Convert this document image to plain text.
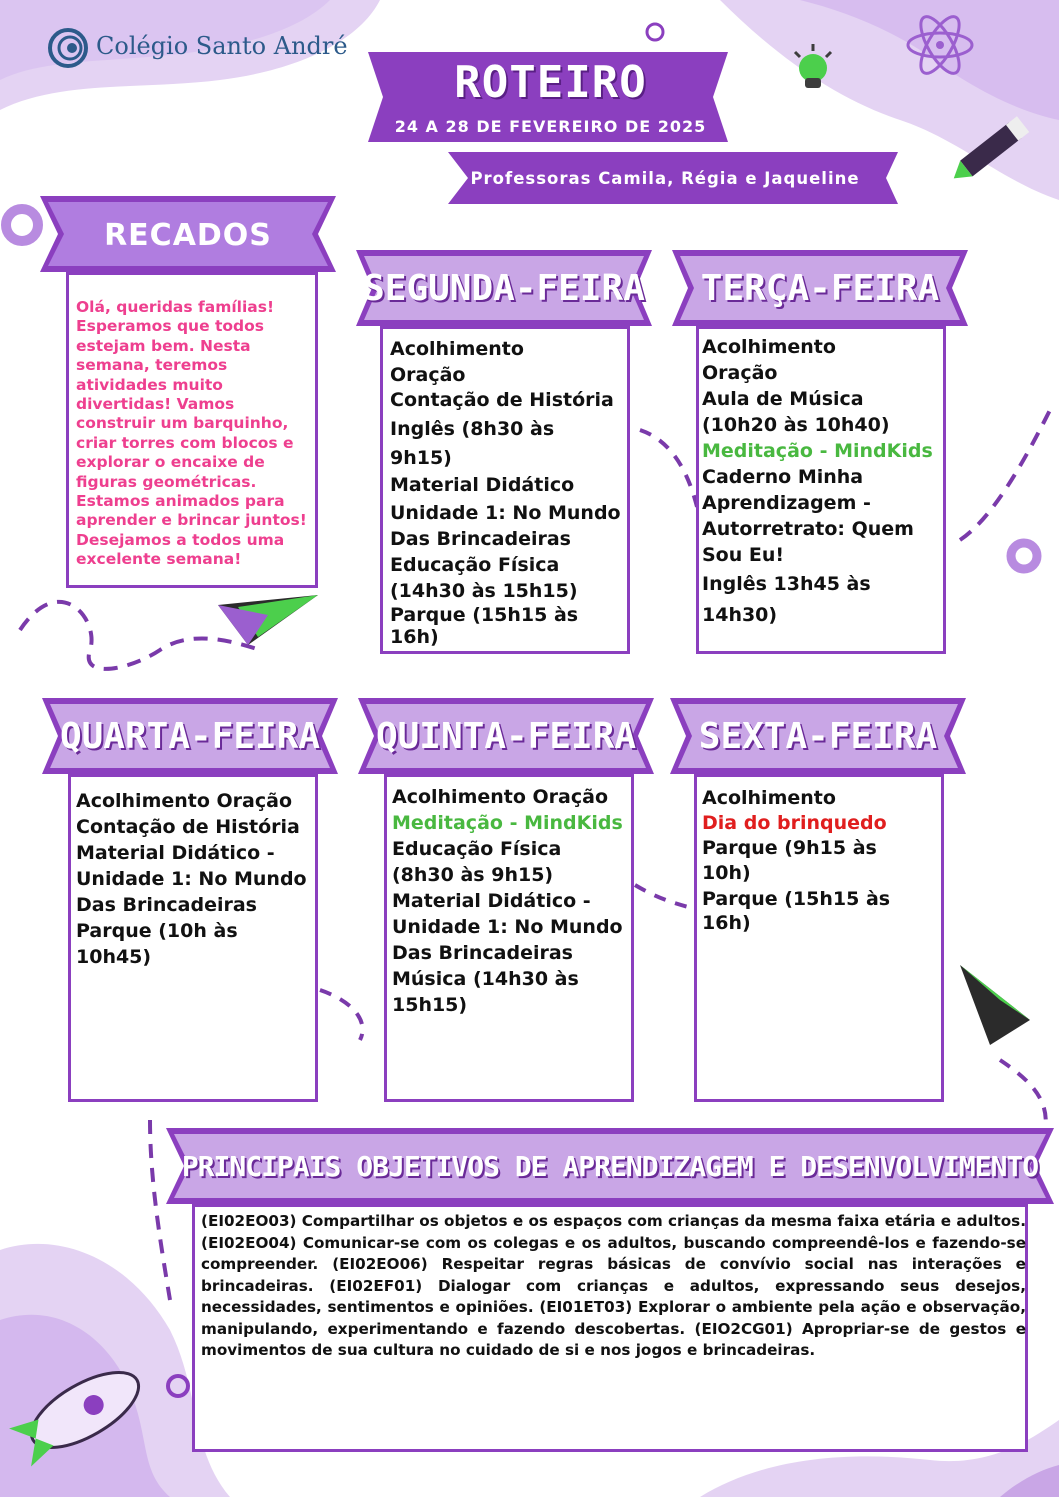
Colégio Santo André
ROTEIRO
24 A 28 DE FEVEREIRO DE 2025
Professoras Camila, Régia e Jaqueline
RECADOS
Olá, queridas famílias!
Esperamos que todos
estejam bem. Nesta
semana, teremos
atividades muito
divertidas! Vamos
construir um barquinho,
criar torres com blocos e
explorar o encaixe de
figuras geométricas.
Estamos animados para
aprender e brincar juntos!
Desejamos a todos uma
excelente semana!
SEGUNDA-FEIRA
Acolhimento
Oração
Contação de História
Inglês (8h30 às
9h15)
Material Didático
Unidade 1: No Mundo
Das Brincadeiras
Educação Física
(14h30 às 15h15)
Parque (15h15 às
16h)
TERÇA-FEIRA
Acolhimento
Oração
Aula de Música
(10h20 às 10h40)
Meditação - MindKids
Caderno Minha
Aprendizagem -
Autorretrato: Quem
Sou Eu!
Inglês 13h45 às
14h30)
QUARTA-FEIRA
Acolhimento Oração
Contação de História
Material Didático -
Unidade 1: No Mundo
Das Brincadeiras
Parque (10h às
10h45)
QUINTA-FEIRA
Acolhimento Oração
Meditação - MindKids
Educação Física
(8h30 às 9h15)
Material Didático -
Unidade 1: No Mundo
Das Brincadeiras
Música (14h30 às
15h15)
SEXTA-FEIRA
Acolhimento
Dia do brinquedo
Parque (9h15 às
10h)
Parque (15h15 às
16h)
PRINCIPAIS OBJETIVOS DE APRENDIZAGEM E DESENVOLVIMENTO
(EI02EO03) Compartilhar os objetos e os espaços com crianças da mesma faixa etária e adultos. (EI02EO04) Comunicar-se com os colegas e os adultos, buscando compreendê-los e fazendo-se compreender. (EI02EO06) Respeitar regras básicas de convívio social nas interações e brincadeiras. (EI02EF01) Dialogar com crianças e adultos, expressando seus desejos, necessidades, sentimentos e opiniões. (EI01ET03) Explorar o ambiente pela ação e observação, manipulando, experimentando e fazendo descobertas. (EIO2CG01) Apropriar-se de gestos e movimentos de sua cultura no cuidado de si e nos jogos e brincadeiras.
